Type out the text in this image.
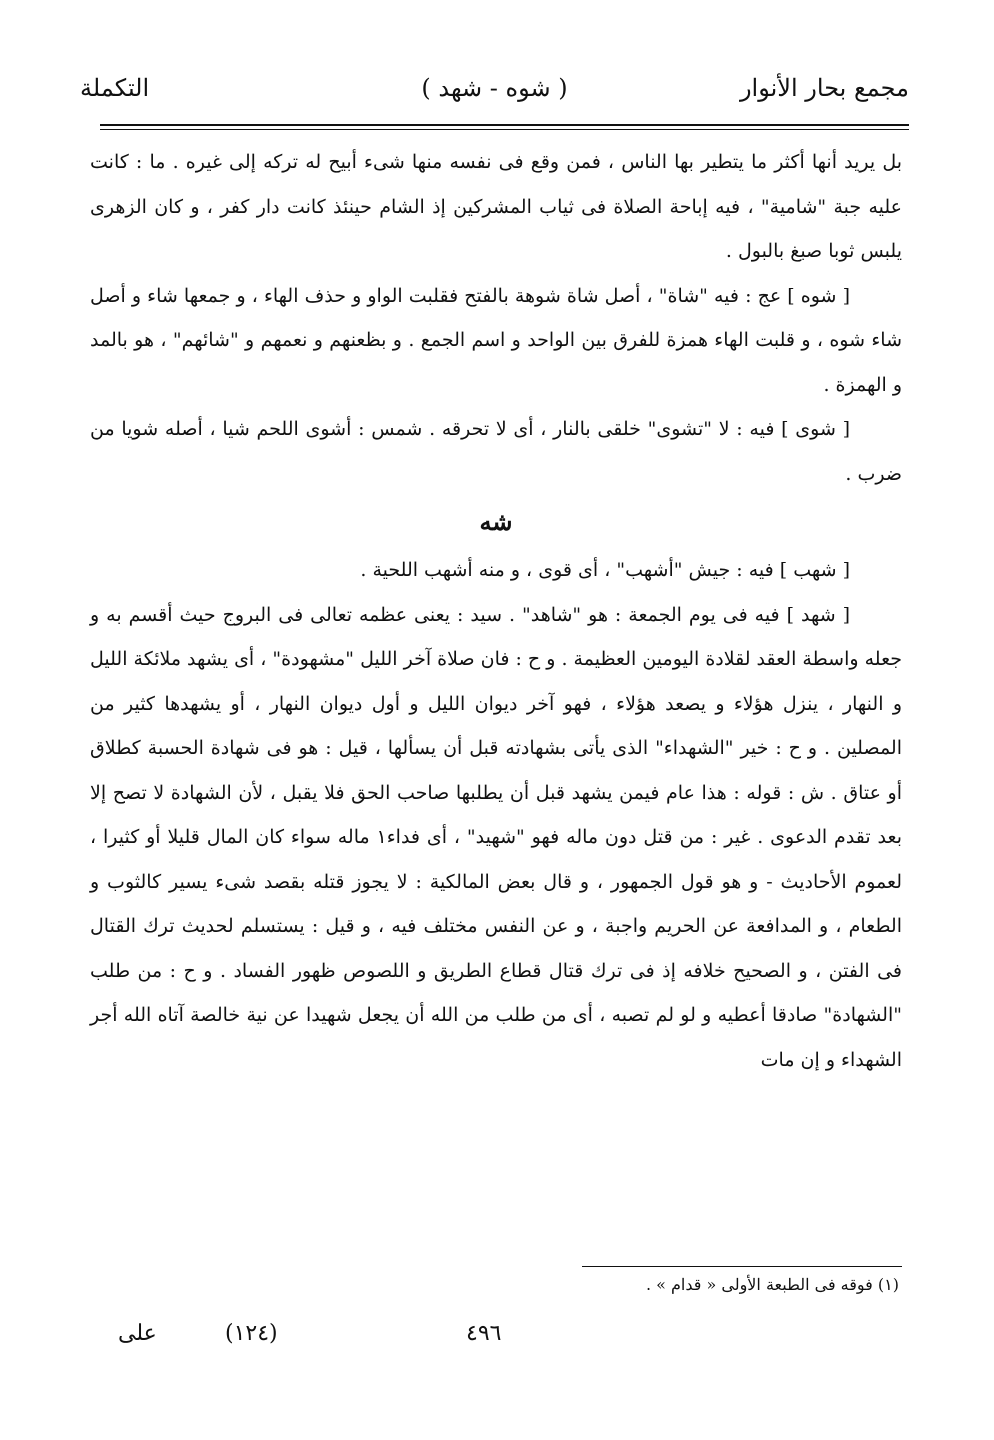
مجمع بحار الأنوار
( شوه - شهد )
التكملة

بل يريد أنها أكثر ما يتطير بها الناس ، فمن وقع فى نفسه منها شىء أبيح له تركه إلى غيره . ما : كانت عليه جبة "شامية" ، فيه إباحة الصلاة فى ثياب المشركين إذ الشام حينئذ كانت دار كفر ، و كان الزهرى يلبس ثوبا صبغ بالبول .

[ شوه ] عج : فيه "شاة" ، أصل شاة شوهة بالفتح فقلبت الواو و حذف الهاء ، و جمعها شاء و أصل شاء شوه ، و قلبت الهاء همزة للفرق بين الواحد و اسم الجمع . و بظعنهم و نعمهم و "شائهم" ، هو بالمد و الهمزة .

[ شوى ] فيه : لا "تشوى" خلقى بالنار ، أى لا تحرقه . شمس : أشوى اللحم شيا ، أصله شويا من ضرب .

شه

[ شهب ] فيه : جيش "أشهب" ، أى قوى ، و منه أشهب اللحية .

[ شهد ] فيه فى يوم الجمعة : هو "شاهد" . سيد : يعنى عظمه تعالى فى البروج حيث أقسم به و جعله واسطة العقد لقلادة اليومين العظيمة . و ح : فان صلاة آخر الليل "مشهودة" ، أى يشهد ملائكة الليل و النهار ، ينزل هؤلاء و يصعد هؤلاء ، فهو آخر ديوان الليل و أول ديوان النهار ، أو يشهدها كثير من المصلين . و ح : خير "الشهداء" الذى يأتى بشهادته قبل أن يسألها ، قيل : هو فى شهادة الحسبة كطلاق أو عتاق . ش : قوله : هذا عام فيمن يشهد قبل أن يطلبها صاحب الحق فلا يقبل ، لأن الشهادة لا تصح إلا بعد تقدم الدعوى . غير : من قتل دون ماله فهو "شهيد" ، أى فداء١ ماله سواء كان المال قليلا أو كثيرا ، لعموم الأحاديث - و هو قول الجمهور ، و قال بعض المالكية : لا يجوز قتله بقصد شىء يسير كالثوب و الطعام ، و المدافعة عن الحريم واجبة ، و عن النفس مختلف فيه ، و قيل : يستسلم لحديث ترك القتال فى الفتن ، و الصحيح خلافه إذ فى ترك قتال قطاع الطريق و اللصوص ظهور الفساد . و ح : من طلب "الشهادة" صادقا أعطيه و لو لم تصبه ، أى من طلب من الله أن يجعل شهيدا عن نية خالصة آتاه الله أجر الشهداء و إن مات

(١) فوقه فى الطبعة الأولى « قدام » .
٤٩٦
(١٢٤)
على
